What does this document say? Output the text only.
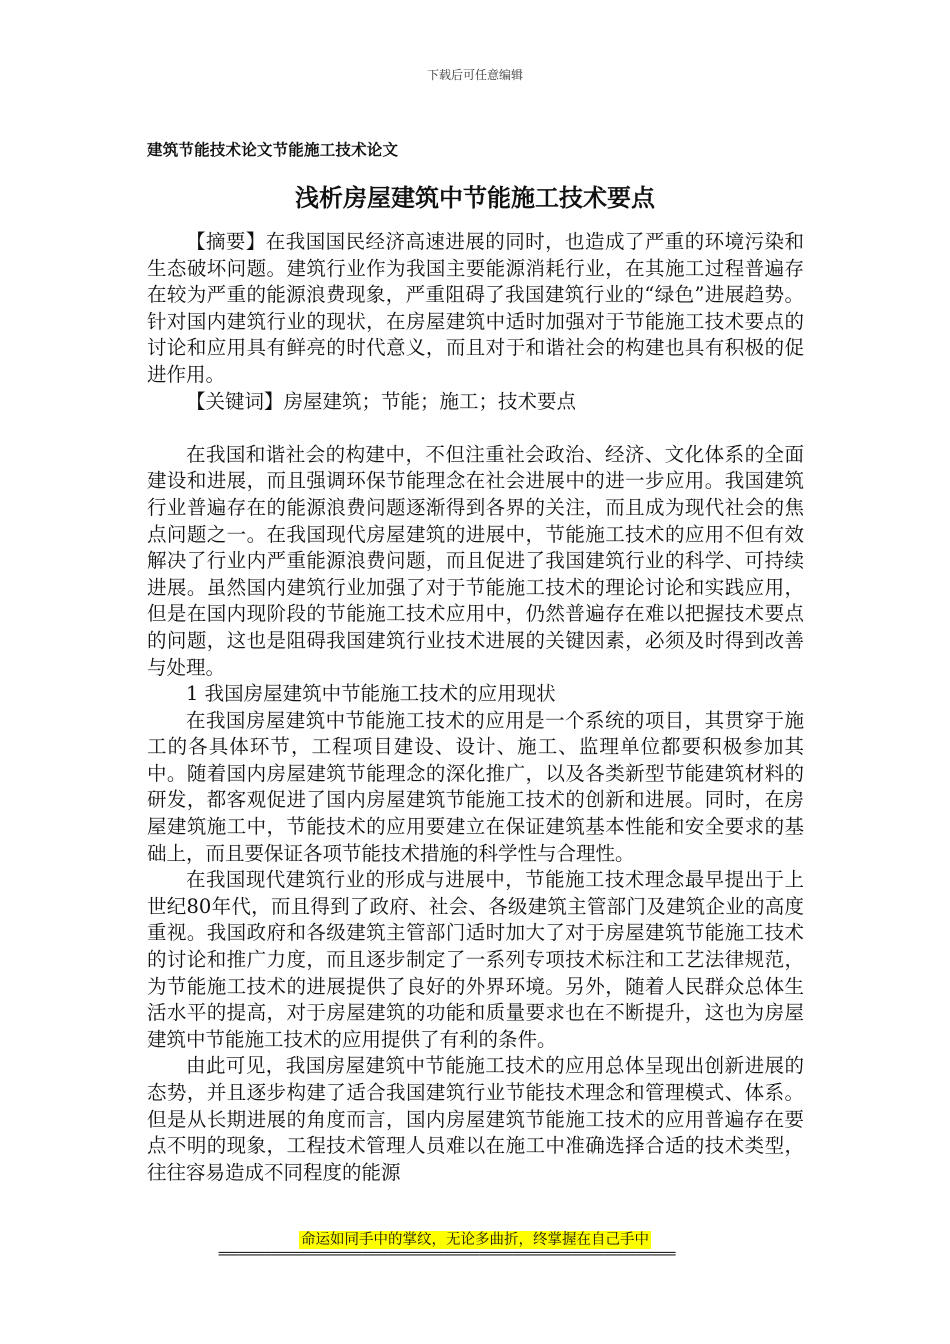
下载后可任意编辑
建筑节能技术论文节能施工技术论文
浅析房屋建筑中节能施工技术要点

【摘要】在我国国民经济高速进展的同时，也造成了严重的环境污染和生态破坏问题。建筑行业作为我国主要能源消耗行业，在其施工过程普遍存在较为严重的能源浪费现象，严重阻碍了我国建筑行业的“绿色”进展趋势。针对国内建筑行业的现状，在房屋建筑中适时加强对于节能施工技术要点的讨论和应用具有鲜亮的时代意义，而且对于和谐社会的构建也具有积极的促进作用。

【关键词】房屋建筑；节能；施工；技术要点

在我国和谐社会的构建中，不但注重社会政治、经济、文化体系的全面建设和进展，而且强调环保节能理念在社会进展中的进一步应用。我国建筑行业普遍存在的能源浪费问题逐渐得到各界的关注，而且成为现代社会的焦点问题之一。在我国现代房屋建筑的进展中，节能施工技术的应用不但有效解决了行业内严重能源浪费问题，而且促进了我国建筑行业的科学、可持续进展。虽然国内建筑行业加强了对于节能施工技术的理论讨论和实践应用，但是在国内现阶段的节能施工技术应用中，仍然普遍存在难以把握技术要点的问题，这也是阻碍我国建筑行业技术进展的关键因素，必须及时得到改善与处理。

1 我国房屋建筑中节能施工技术的应用现状

在我国房屋建筑中节能施工技术的应用是一个系统的项目，其贯穿于施工的各具体环节，工程项目建设、设计、施工、监理单位都要积极参加其中。随着国内房屋建筑节能理念的深化推广，以及各类新型节能建筑材料的研发，都客观促进了国内房屋建筑节能施工技术的创新和进展。同时，在房屋建筑施工中，节能技术的应用要建立在保证建筑基本性能和安全要求的基础上，而且要保证各项节能技术措施的科学性与合理性。

在我国现代建筑行业的形成与进展中，节能施工技术理念最早提出于上世纪80年代，而且得到了政府、社会、各级建筑主管部门及建筑企业的高度重视。我国政府和各级建筑主管部门适时加大了对于房屋建筑节能施工技术的讨论和推广力度，而且逐步制定了一系列专项技术标注和工艺法律规范，为节能施工技术的进展提供了良好的外界环境。另外，随着人民群众总体生活水平的提高，对于房屋建筑的功能和质量要求也在不断提升，这也为房屋建筑中节能施工技术的应用提供了有利的条件。

由此可见，我国房屋建筑中节能施工技术的应用总体呈现出创新进展的态势，并且逐步构建了适合我国建筑行业节能技术理念和管理模式、体系。但是从长期进展的角度而言，国内房屋建筑节能施工技术的应用普遍存在要点不明的现象，工程技术管理人员难以在施工中准确选择合适的技术类型，往往容易造成不同程度的能源

命运如同手中的掌纹，无论多曲折，终掌握在自己手中
======================================================================
